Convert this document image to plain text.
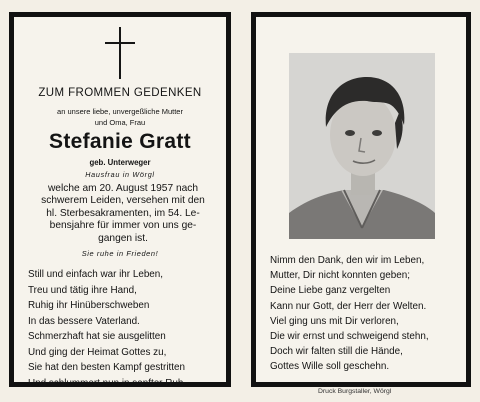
ZUM FROMMEN GEDENKEN
an unsere liebe, unvergeßliche Mutter
und Oma, Frau
Stefanie Gratt
geb. Unterweger
Hausfrau in Wörgl
welche am 20. August 1957 nach
schwerem Leiden, versehen mit den
hl. Sterbesakramenten, im 54. Le-
bensjahre für immer von uns ge-
gangen ist.
Sie ruhe in Frieden!
Still und einfach war ihr Leben,
Treu und tätig ihre Hand,
Ruhig ihr Hinüberschweben
In das bessere Vaterland.
Schmerzhaft hat sie ausgelitten
Und ging der Heimat Gottes zu,
Sie hat den besten Kampf gestritten
Und schlummert nun in sanfter Ruh.
Nimm den Dank, den wir im Leben,
Mutter, Dir nicht konnten geben;
Deine Liebe ganz vergelten
Kann nur Gott, der Herr der Welten.
Viel ging uns mit Dir verloren,
Die wir ernst und schweigend stehn,
Doch wir falten still die Hände,
Gottes Wille soll geschehn.
Druck Burgstaller, Wörgl
